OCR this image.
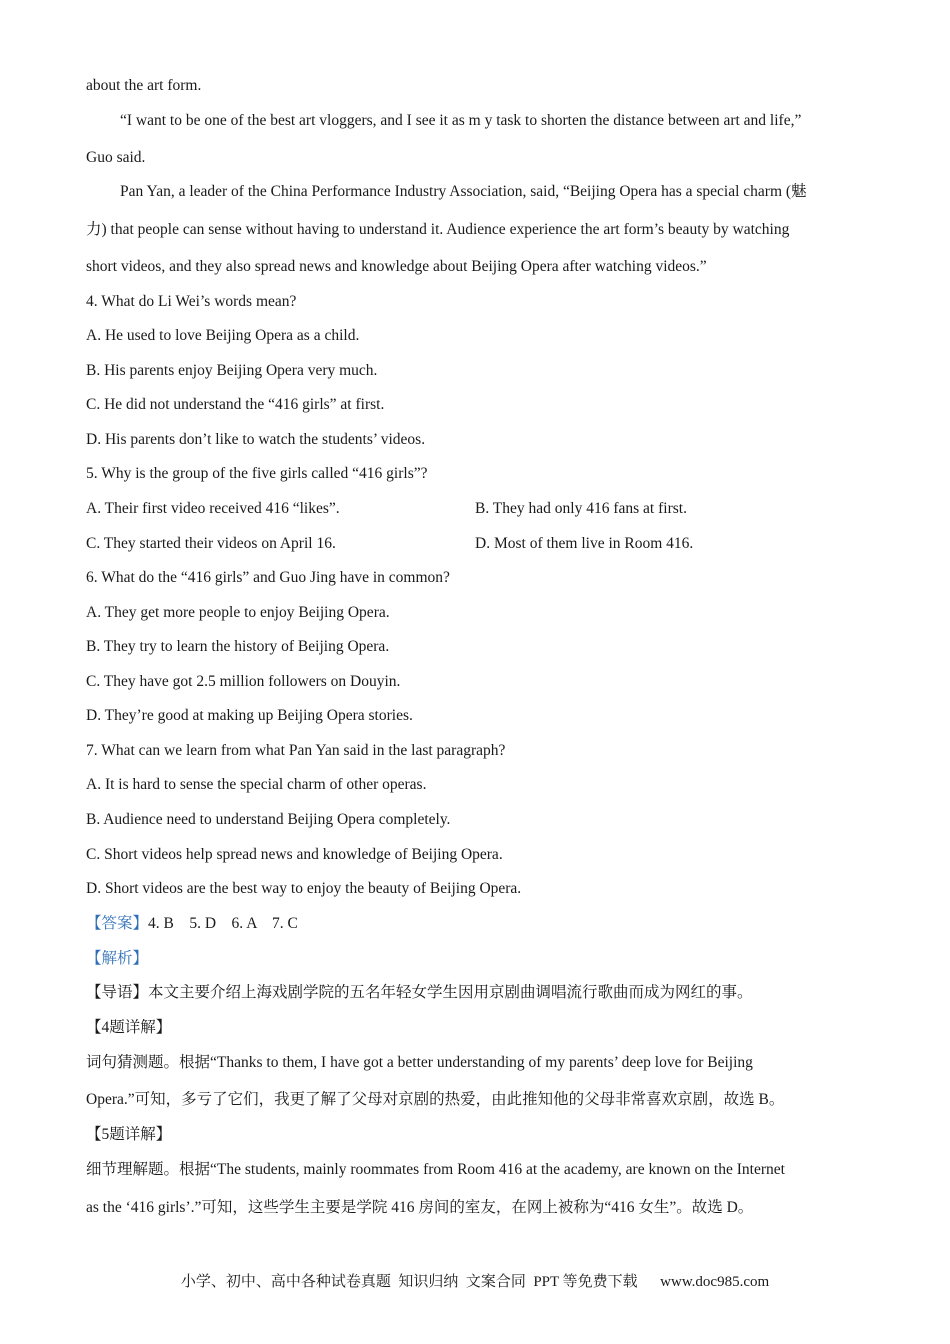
about the art form.
“I want to be one of the best art vloggers, and I see it as m y task to shorten the distance between art and life,”
Guo said.
Pan Yan, a leader of the China Performance Industry Association, said, “Beijing Opera has a special charm (魅
力) that people can sense without having to understand it. Audience experience the art form’s beauty by watching
short videos, and they also spread news and knowledge about Beijing Opera after watching videos.”
4. What do Li Wei’s words mean?
A. He used to love Beijing Opera as a child.
B. His parents enjoy Beijing Opera very much.
C. He did not understand the “416 girls” at first.
D. His parents don’t like to watch the students’ videos.
5. Why is the group of the five girls called “416 girls”?
A. Their first video received 416 “likes”.	B. They had only 416 fans at first.
C. They started their videos on April 16.	D. Most of them live in Room 416.
6. What do the “416 girls” and Guo Jing have in common?
A. They get more people to enjoy Beijing Opera.
B. They try to learn the history of Beijing Opera.
C. They have got 2.5 million followers on Douyin.
D. They’re good at making up Beijing Opera stories.
7. What can we learn from what Pan Yan said in the last paragraph?
A. It is hard to sense the special charm of other operas.
B. Audience need to understand Beijing Opera completely.
C. Short videos help spread news and knowledge of Beijing Opera.
D. Short videos are the best way to enjoy the beauty of Beijing Opera.
【答案】4. B    5. D    6. A    7. C
【解析】
【导语】本文主要介绍上海戏剧学院的五名年轻女学生因用京剧曲调唱流行歌曲而成为网红的事。
【4题详解】
词句猜测题。根据“Thanks to them, I have got a better understanding of my parents’ deep love for Beijing
Opera.”可知，多亏了它们，我更了解了父母对京剧的热爱，由此推知他的父母非常喜欢京剧，故选 B。
【5题详解】
细节理解题。根据“The students, mainly roommates from Room 416 at the academy, are known on the Internet
as the ‘416 girls’.”可知，这些学生主要是学院 416 房间的室友，在网上被称为“416 女生”。故选 D。
小学、初中、高中各种试卷真题  知识归纳  文案合同  PPT 等免费下载      www.doc985.com
